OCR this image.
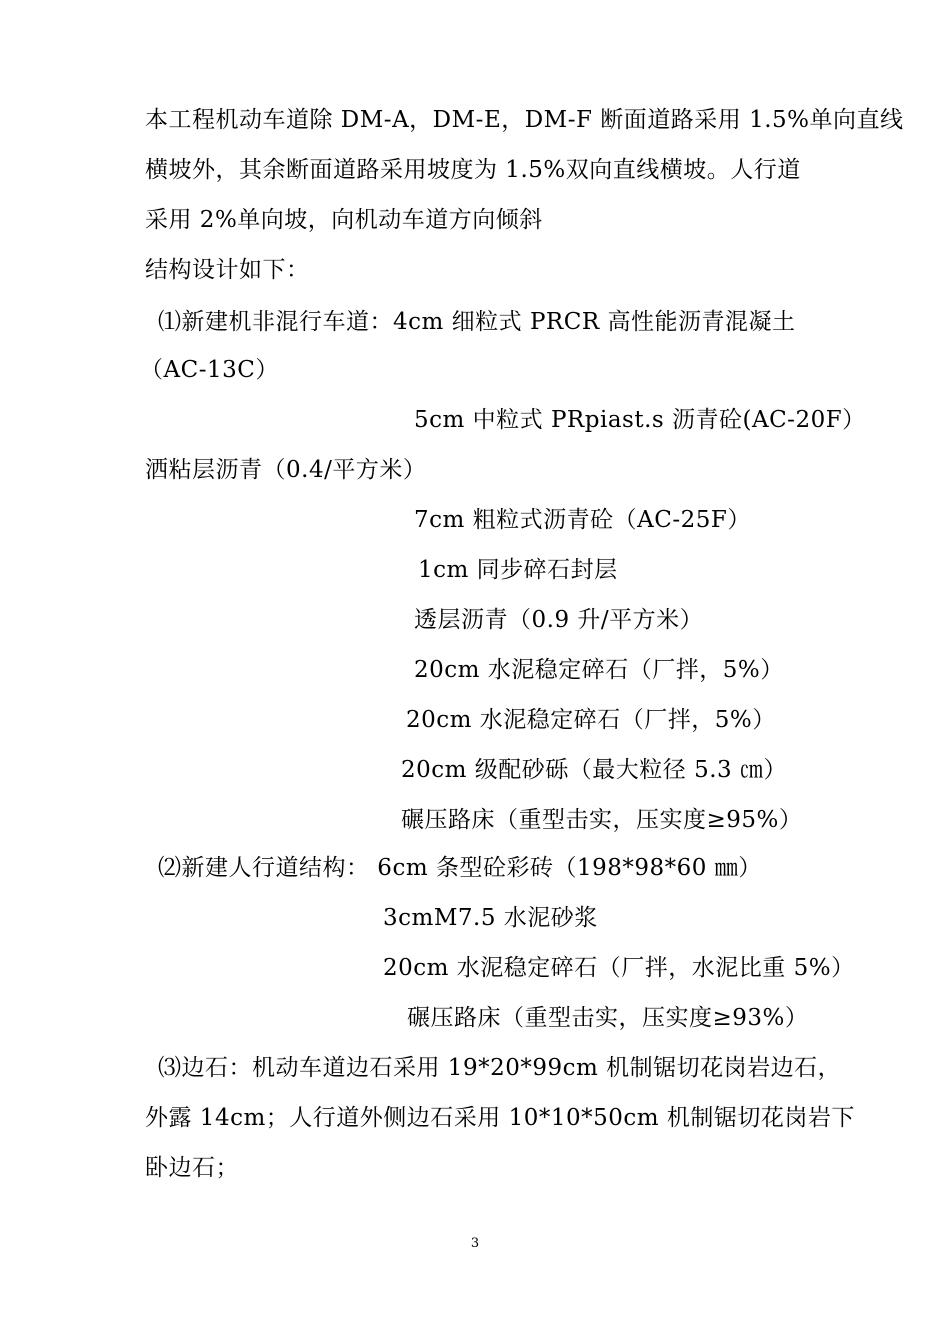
本工程机动车道除 DM-A，DM-E，DM-F 断面道路采用 1.5%单向直线
横坡外，其余断面道路采用坡度为 1.5%双向直线横坡。人行道
采用 2%单向坡，向机动车道方向倾斜
结构设计如下：
⑴新建机非混行车道：4cm 细粒式 PRCR 高性能沥青混凝土
（AC-13C）
5cm 中粒式 PRpiast.s 沥青砼(AC-20F）
洒粘层沥青（0.4/平方米）
7cm 粗粒式沥青砼（AC-25F）
1cm 同步碎石封层
透层沥青（0.9 升/平方米）
20cm 水泥稳定碎石（厂拌，5%）
20cm 水泥稳定碎石（厂拌，5%）
20cm 级配砂砾（最大粒径 5.3 ㎝）
碾压路床（重型击实，压实度≥95%）
⑵新建人行道结构： 6cm 条型砼彩砖（198*98*60 ㎜）
3cmM7.5 水泥砂浆
20cm 水泥稳定碎石（厂拌，水泥比重 5%）
碾压路床（重型击实，压实度≥93%）
⑶边石：机动车道边石采用 19*20*99cm 机制锯切花岗岩边石，
外露 14cm；人行道外侧边石采用 10*10*50cm 机制锯切花岗岩下
卧边石；
3
